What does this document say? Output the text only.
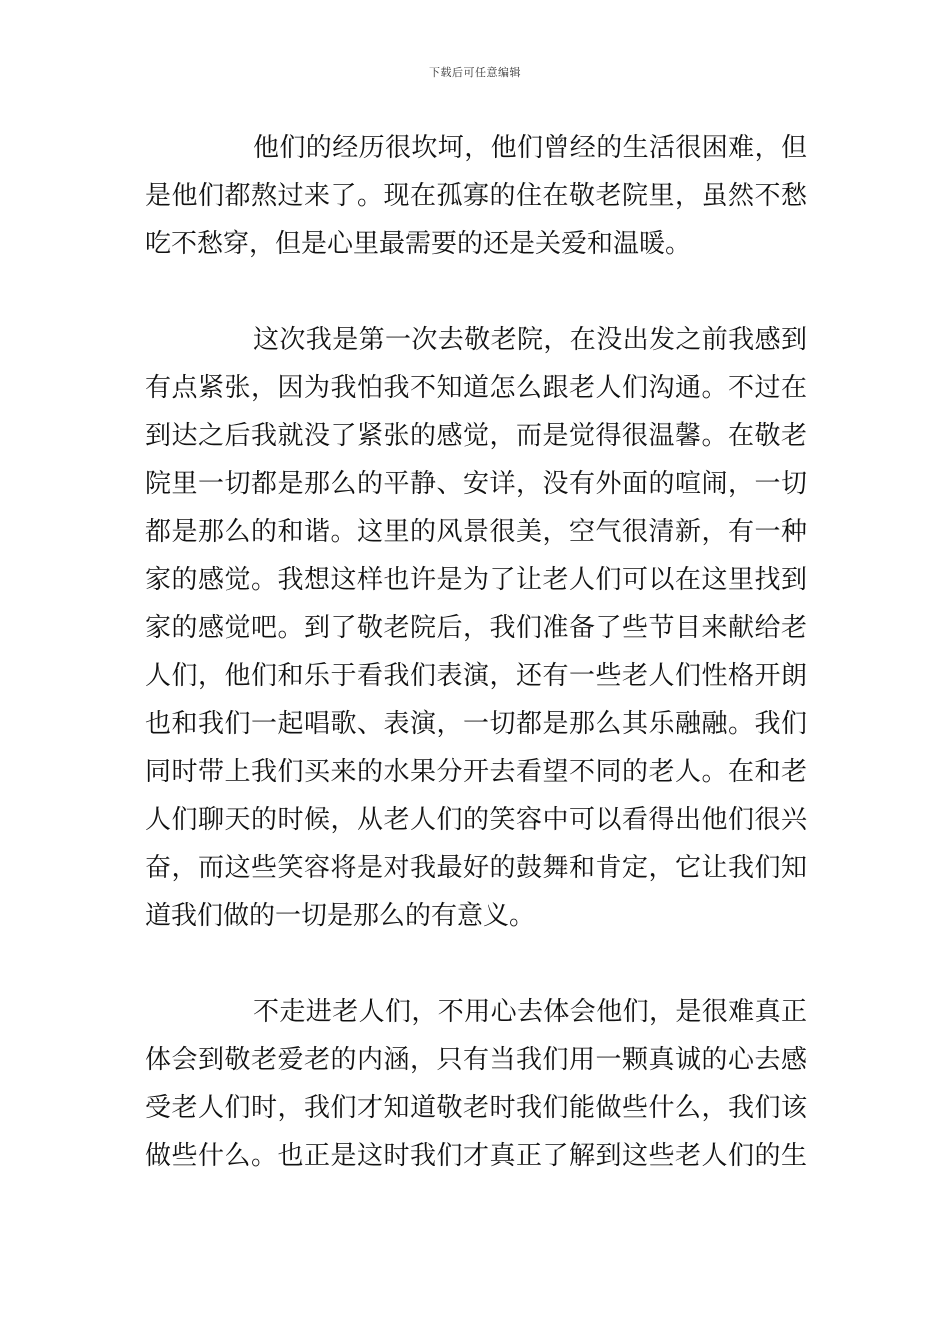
下载后可任意编辑
他们的经历很坎坷，他们曾经的生活很困难，但
是他们都熬过来了。现在孤寡的住在敬老院里，虽然不愁
吃不愁穿，但是心里最需要的还是关爱和温暖。
这次我是第一次去敬老院，在没出发之前我感到
有点紧张，因为我怕我不知道怎么跟老人们沟通。不过在
到达之后我就没了紧张的感觉，而是觉得很温馨。在敬老
院里一切都是那么的平静、安详，没有外面的喧闹，一切
都是那么的和谐。这里的风景很美，空气很清新，有一种
家的感觉。我想这样也许是为了让老人们可以在这里找到
家的感觉吧。到了敬老院后，我们准备了些节目来献给老
人们，他们和乐于看我们表演，还有一些老人们性格开朗
也和我们一起唱歌、表演，一切都是那么其乐融融。我们
同时带上我们买来的水果分开去看望不同的老人。在和老
人们聊天的时候，从老人们的笑容中可以看得出他们很兴
奋，而这些笑容将是对我最好的鼓舞和肯定，它让我们知
道我们做的一切是那么的有意义。
不走进老人们，不用心去体会他们，是很难真正
体会到敬老爱老的内涵，只有当我们用一颗真诚的心去感
受老人们时，我们才知道敬老时我们能做些什么，我们该
做些什么。也正是这时我们才真正了解到这些老人们的生
